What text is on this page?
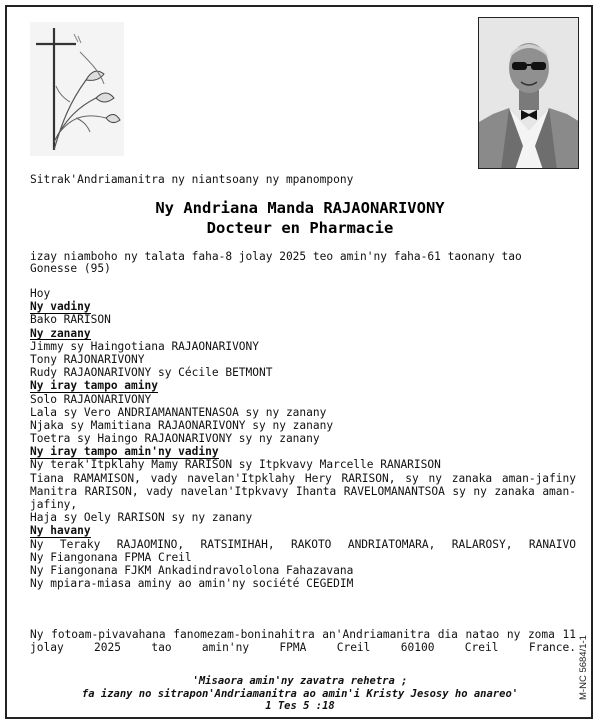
Sitrak'Andriamanitra ny niantsoany ny mpanompony
Ny Andriana Manda RAJAONARIVONY
Docteur en Pharmacie
izay niamboho ny talata faha-8 jolay 2025 teo amin'ny faha-61 taonany tao Gonesse (95)
Hoy
Ny vadiny
Bako RARISON
Ny zanany
Jimmy sy Haingotiana RAJAONARIVONY
Tony RAJONARIVONY
Rudy RAJAONARIVONY sy Cécile BETMONT
Ny iray tampo aminy
Solo RAJAONARIVONY
Lala sy Vero ANDRIAMANANTENASOA sy ny zanany
Njaka sy Mamitiana RAJAONARIVONY sy ny zanany
Toetra sy Haingo RAJAONARIVONY sy ny zanany
Ny iray tampo amin'ny vadiny
Ny terak'Itpklahy Mamy RARISON sy Itpkvavy Marcelle RANARISON
Tiana RAMAMISON, vady navelan'Itpklahy Hery RARISON, sy ny zanaka aman-jafiny
Manitra RARISON, vady navelan'Itpkvavy Ihanta RAVELOMANANTSOA sy ny zanaka aman-jafiny,
Haja sy Oely RARISON sy ny zanany
Ny havany
Ny Teraky RAJAOMINO, RATSIMIHAH, RAKOTO ANDRIATOMARA, RALAROSY, RANAIVO
Ny Fiangonana FPMA Creil
Ny Fiangonana FJKM Ankadindravololona Fahazavana
Ny mpiara-miasa aminy ao amin'ny société CEGEDIM
Ny fotoam-pivavahana fanomezam-boninahitra an'Andriamanitra dia natao ny zoma 11 jolay 2025 tao amin'ny FPMA Creil 60100 Creil France.
'Misaora amin'ny zavatra rehetra ;
fa izany no sitrapon'Andriamanitra ao amin'i Kristy Jesosy ho anareo'
1 Tes 5 :18
M-NC 5684/1-1
